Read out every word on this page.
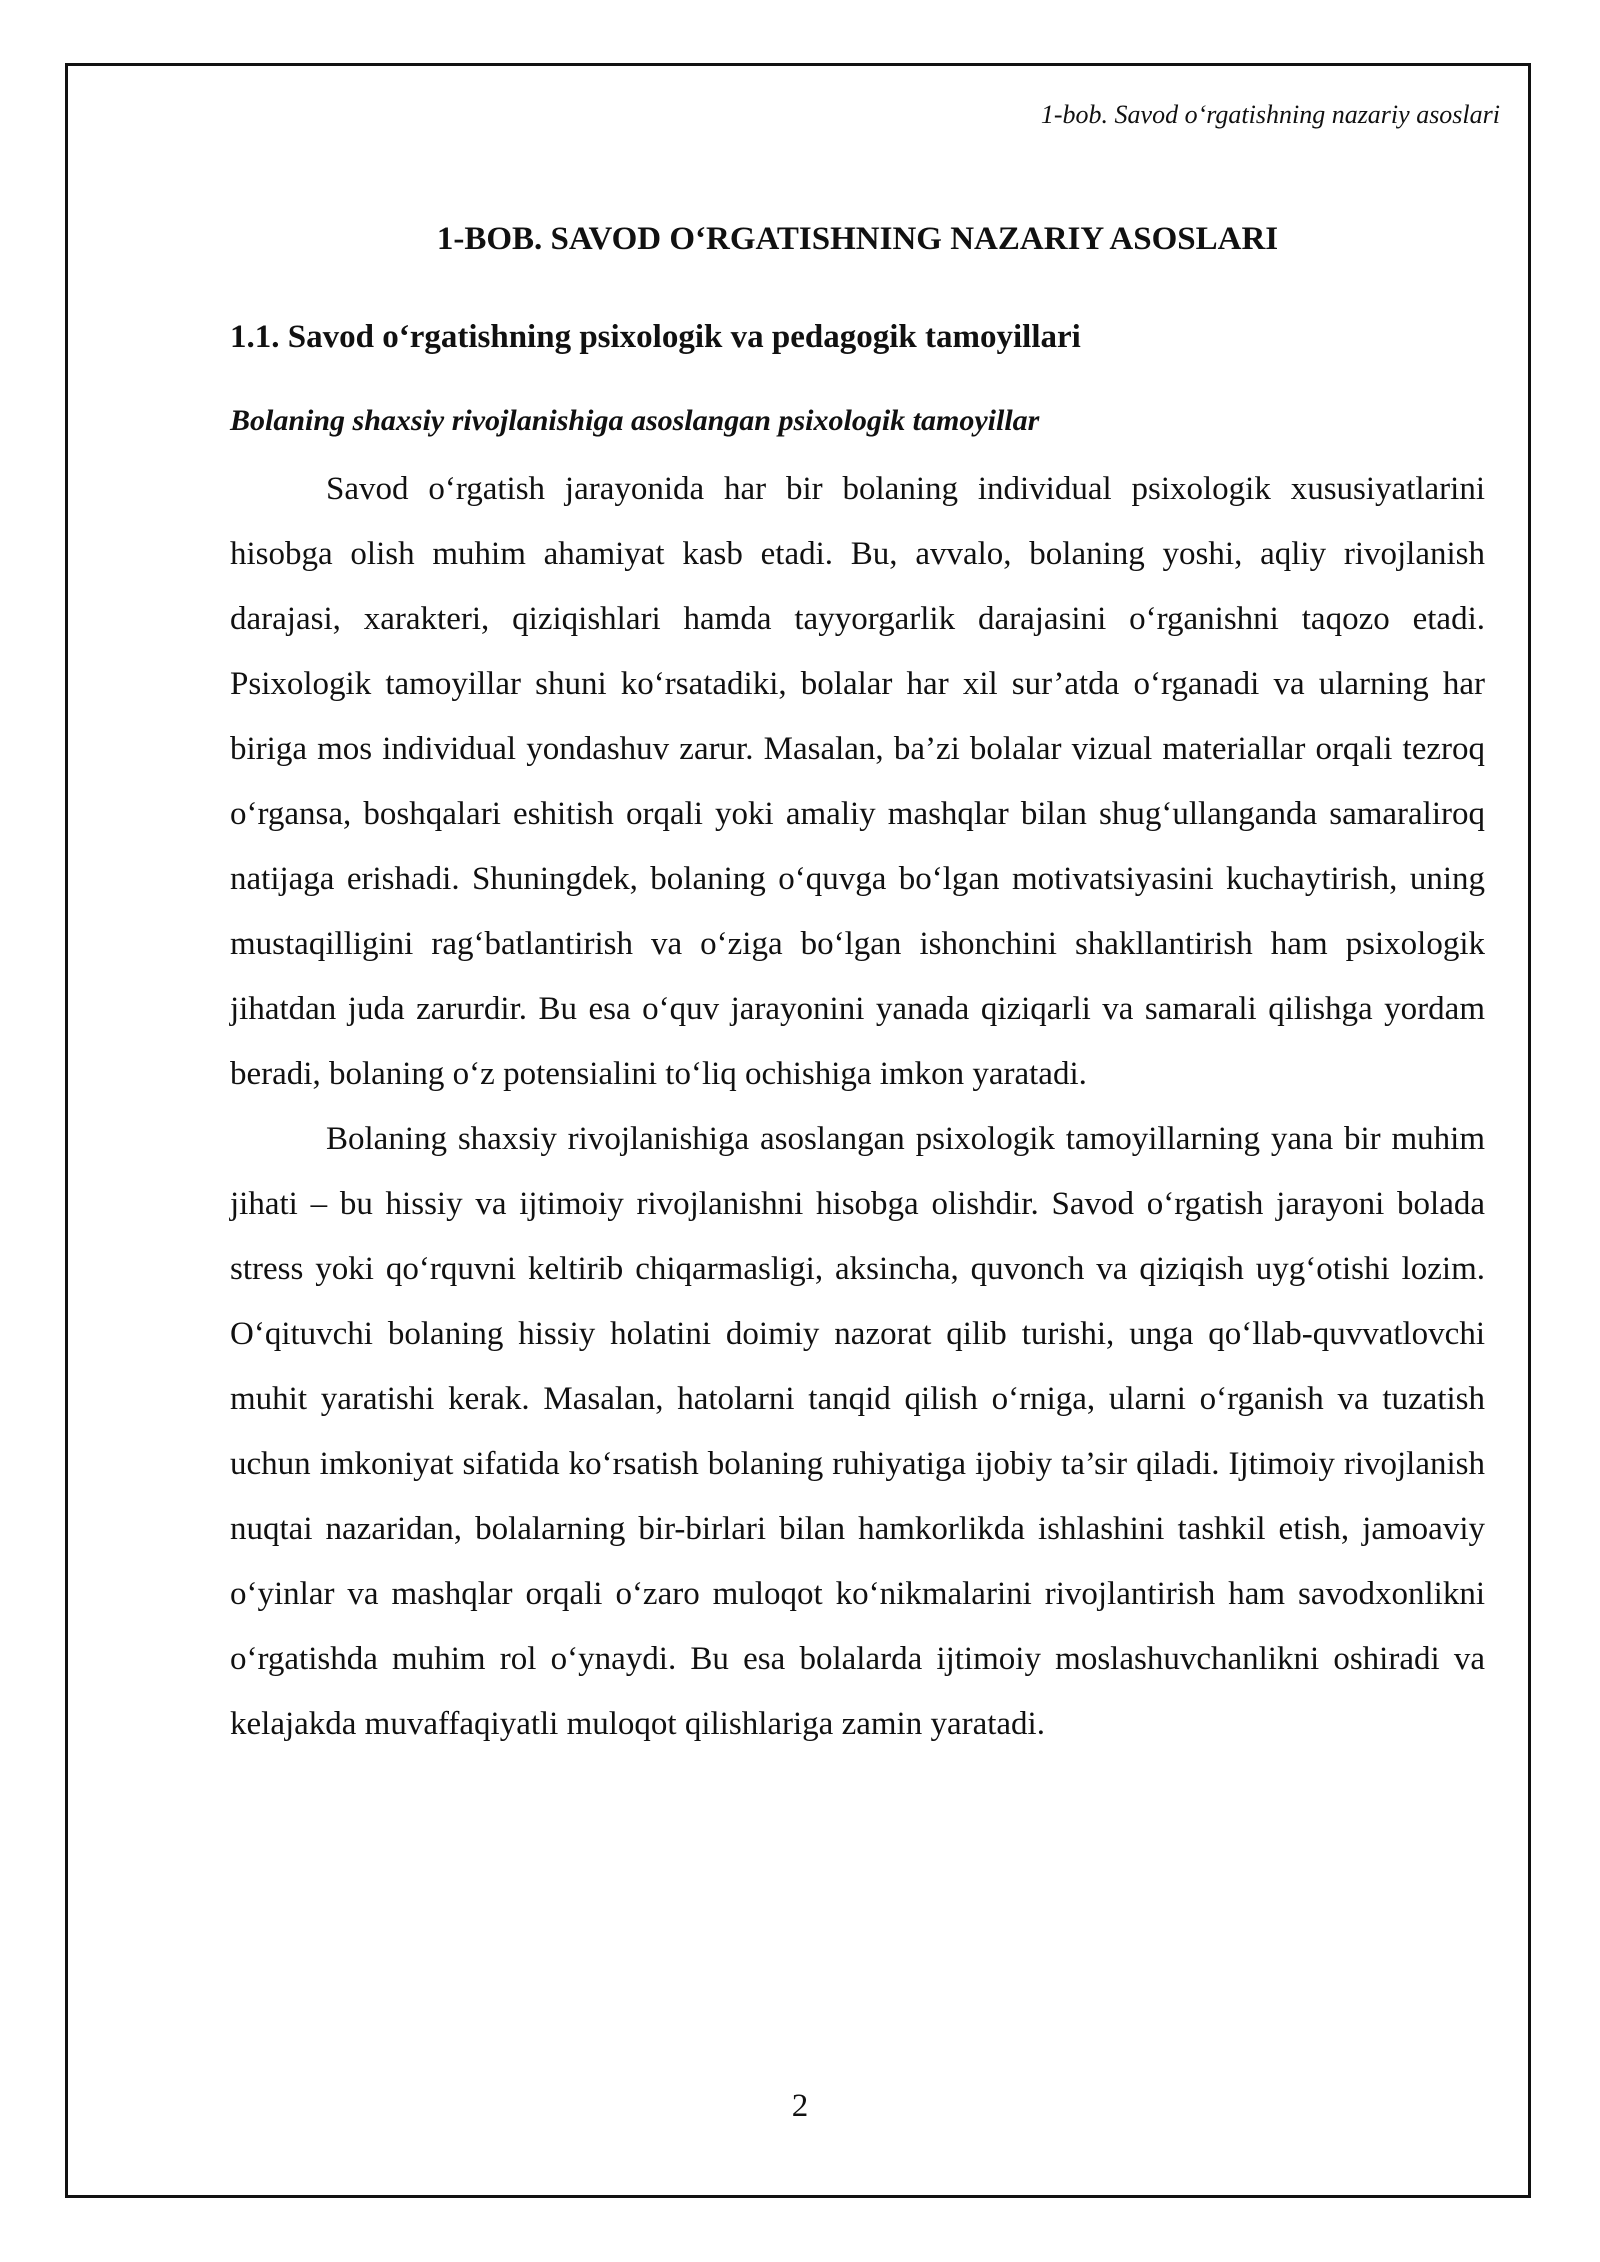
1-bob. Savod o‘rgatishning nazariy asoslari

1-BOB. SAVOD O‘RGATISHNING NAZARIY ASOSLARI
1.1. Savod o‘rgatishning psixologik va pedagogik tamoyillari
Bolaning shaxsiy rivojlanishiga asoslangan psixologik tamoyillar

Savod o‘rgatish jarayonida har bir bolaning individual psixologik xususiyatlarini hisobga olish muhim ahamiyat kasb etadi. Bu, avvalo, bolaning yoshi, aqliy rivojlanish darajasi, xarakteri, qiziqishlari hamda tayyorgarlik darajasini o‘rganishni taqozo etadi. Psixologik tamoyillar shuni ko‘rsatadiki, bolalar har xil sur’atda o‘rganadi va ularning har biriga mos individual yondashuv zarur. Masalan, ba’zi bolalar vizual materiallar orqali tezroq o‘rgansa, boshqalari eshitish orqali yoki amaliy mashqlar bilan shug‘ullanganda samaraliroq natijaga erishadi. Shuningdek, bolaning o‘quvga bo‘lgan motivatsiyasini kuchaytirish, uning mustaqilligini rag‘batlantirish va o‘ziga bo‘lgan ishonchini shakllantirish ham psixologik jihatdan juda zarurdir. Bu esa o‘quv jarayonini yanada qiziqarli va samarali qilishga yordam beradi, bolaning o‘z potensialini to‘liq ochishiga imkon yaratadi.

Bolaning shaxsiy rivojlanishiga asoslangan psixologik tamoyillarning yana bir muhim jihati – bu hissiy va ijtimoiy rivojlanishni hisobga olishdir. Savod o‘rgatish jarayoni bolada stress yoki qo‘rquvni keltirib chiqarmasligi, aksincha, quvonch va qiziqish uyg‘otishi lozim. O‘qituvchi bolaning hissiy holatini doimiy nazorat qilib turishi, unga qo‘llab-quvvatlovchi muhit yaratishi kerak. Masalan, hatolarni tanqid qilish o‘rniga, ularni o‘rganish va tuzatish uchun imkoniyat sifatida ko‘rsatish bolaning ruhiyatiga ijobiy ta’sir qiladi. Ijtimoiy rivojlanish nuqtai nazaridan, bolalarning bir-birlari bilan hamkorlikda ishlashini tashkil etish, jamoaviy o‘yinlar va mashqlar orqali o‘zaro muloqot ko‘nikmalarini rivojlantirish ham savodxonlikni o‘rgatishda muhim rol o‘ynaydi. Bu esa bolalarda ijtimoiy moslashuvchanlikni oshiradi va kelajakda muvaffaqiyatli muloqot qilishlariga zamin yaratadi.

2
